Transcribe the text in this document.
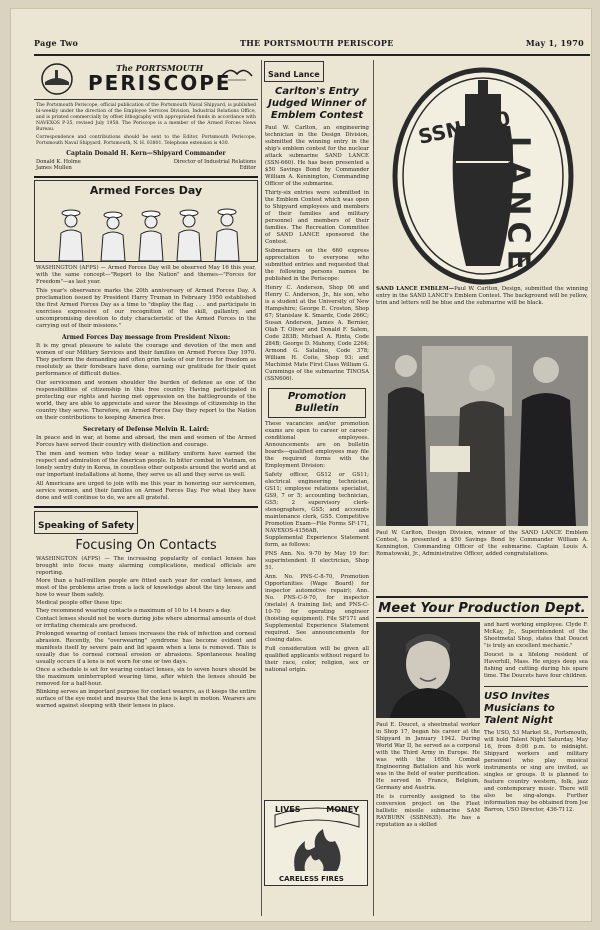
Page Two	THE PORTSMOUTH PERISCOPE	May 1, 1970
The PORTSMOUTH
PERISCOPE

The Portsmouth Periscope, official publication of the Portsmouth Naval Shipyard, is published bi-weekly under the direction of the Employee Services Division, Industrial Relations Office, and is printed commercially by offset lithography with appropriated funds in accordance with NAVEXOS P-35, revised July 1958. The Periscope is a member of the Armed Forces News Bureau.

Correspondence and contributions should be sent to the Editor, Portsmouth Periscope, Portsmouth Naval Shipyard, Portsmouth, N. H. 03801. Telephone extension is 430.

Captain Donald H. Kern—Shipyard Commander

Donald K. Holme	Director of Industrial Relations
James Mullen	Editor
Armed Forces Day

WASHINGTON (AFPS) — Armed Forces Day will be observed May 16 this year, with the same concept—"Report to the Nation" and themes—"Forces for Freedom"—as last year.

This year's observance marks the 20th anniversary of Armed Forces Day. A proclamation issued by President Harry Truman in February 1950 established the first Armed Forces Day as a time to "display the flag . . . and participate in exercises expressive of our recognition of the skill, gallantry, and uncompromising devotion to duty characteristic of the Armed Forces in the carrying out of their missions."

Armed Forces Day message from President Nixon:

It is my great pleasure to salute the courage and devotion of the men and women of our Military Services and their families on Armed Forces Day 1970. They perform the demanding and often grim tasks of our forces for freedom as resolutely as their forebears have done, earning our gratitude for their quiet performance of difficult duties.

Our servicemen and women shoulder the burden of defense as one of the responsibilities of citizenship in this free country. Having participated in protecting our rights and having met oppression on the battlegrounds of the world, they are able to appreciate and savor the blessings of citizenship in the country they serve. Therefore, on Armed Forces Day they report to the Nation on their contributions to keeping America free.

Secretary of Defense Melvin R. Laird:

In peace and in war, at home and abroad, the men and women of the Armed Forces have served their country with distinction and courage.

The men and women who today wear a military uniform have earned the respect and admiration of the American people. In bitter combat in Vietnam, on lonely sentry duty in Korea, in countless other outposts around the world and at our important installations at home, they serve us all and they serve us well.

All Americans are urged to join with me this year in honoring our servicemen, service women, and their families on Armed Forces Day. For what they have done and will continue to do, we are all grateful.

Speaking of Safety
Focusing On Contacts

WASHINGTON (AFPS) — The increasing popularity of contact lenses has brought into focus many alarming complications, medical officials are reporting.

More than a half-million people are fitted each year for contact lenses, and most of the problems arise from a lack of knowledge about the tiny lenses and how to wear them safely.

Medical people offer these tips:

They recommend wearing contacts a maximum of 10 to 14 hours a day.

Contact lenses should not be worn during jobs where abnormal amounts of dust or irritating chemicals are produced.

Prolonged wearing of contact lenses increases the risk of infection and corneal abrasion. Recently, the "overwearing" syndrome has become evident and manifests itself by severe pain and lid spasm when a lens is removed. This is usually due to corneal corneal erosion or abrasions. Spontaneous healing usually occurs if a lens is not worn for one or two days.

Once a schedule is set for wearing contact lenses, six to seven hours should be the maximum uninterrupted wearing time, after which the lenses should be removed for a half-hour.

Blinking serves an important purpose for contact wearers, as it keeps the entire surface of the eye moist and insures that the lens is kept in motion. Wearers are warned against sleeping with their lenses in place.

Sand Lance
Carlton's Entry Judged Winner of Emblem Contest

Paul W. Carlton, an engineering technician in the Design Division, submitted the winning entry in the ship's emblem contest for the nuclear attack submarine SAND LANCE (SSN-660). He has been presented a $50 Savings Bond by Commander William A. Kennington, Commanding Officer of the submarine.

Thirty-six entries were submitted in the Emblem Contest which was open to Shipyard employees and members of their families and military personnel and members of their families. The Recreation Committee of SAND LANCE sponsored the Contest.

Submariners on the 660 express appreciation to everyone who submitted entries and requested that the following persons names be published in the Periscope:

Henry C. Anderson, Shop 06 and Henry C. Anderson, Jr., his son, who is a student at the University of New Hampshire; George E. Croston, Shop 67; Stanislaw K. Smardz, Code 266C; Susan Anderson, James A. Bernier, Olah T. Oliver and Donald F. Salem, Code 283B; Michael A. Rinta, Code 284B; George D. Mahony, Code 2264; Armond G. Satalino, Code 378; William H. Coite, Shop 93; and Machinist Mate First Class William G. Cummings of the submarine TINOSA (SSN606).

Promotion Bulletin

These vacancies and/or promotion exams are open to career or career-conditional employees. Announcements are on bulletin boards—qualified employees may file the required forms with the Employment Division:

Safety officer, GS12 or GS11; electrical engineering technician, GS11; employee relations specialist, GS9, 7 or 5; accounting technician, GS5; 2 supervisory clerk-stenographers, GS5; and accounts maintenance clerk, GS5. Competitive Promotion Exam—File Forms SF-171, NAVEXOS-4156AB, and Supplemental Experience Statement form, as follows:

PNS Ann. No. 9-70 by May 19 for: superintendent II electrician, Shop 51.

Ann. No. PNS-C-8-70, Promotion Opportunities (Wage Board) for inspector automotive repair); Ann. No. PNS-C-9-70, for inspector (metals) A training list; and PNS-C-10-70 for operating engineer (hoisting equipment). File SF171 and Supplemental Experience Statement required. See announcements for closing dates.

Full consideration will be given all qualified applicants without regard to their race, color, religion, sex or national origin.

LIVES	MONEY
CARELESS FIRES
SSN 660
LANCE

SAND LANCE EMBLEM—Paul W. Carlton, Design, submitted the winning entry in the SAND LANCE's Emblem Contest. The background will be yellow, trim and letters will be blue and the submarine will be black.

Paul W. Carlton, Design Division, winner of the SAND LANCE Emblem Contest, is presented a $50 Savings Bond by Commander William A. Kennington, Commanding Officer of the submarine. Captain Louis A. Romatowski, Jr., Administrative Officer, added congratulations.

Meet Your Production Dept.

Paul E. Doucet, a sheetmetal worker in Shop 17, began his career at the Shipyard in January 1942. During World War II, he served as a corporal with the Third Army in Europe. He was with the 165th Combat Engineering Battalion and his work was in the field of water purification. He served in France, Belgium, Germany and Austria.

He is currently assigned to the conversion project on the Fleet ballistic missile submarine SAM RAYBURN (SSBN635). He has a reputation as a skilled

and hard working employee. Clyde F. McKay, Jr., Superintendent of the Sheetmetal Shop, states that Doucet "is truly an excellent mechanic."

Doucet is a lifelong resident of Haverhill, Mass. He enjoys deep sea fishing and cutting during his spare time. The Doucets have four children.

USO Invites Musicians to Talent Night

The USO, 53 Market St., Portsmouth, will hold Talent Night Saturday, May 16, from 8:00 p.m. to midnight. Shipyard workers and military personnel who play musical instruments or sing are invited, as singles or groups. It is planned to feature country western, folk, jazz and contemporary music. There will also be sing-alongs. Further information may be obtained from Joe Barron, USO Director, 436-7112.
